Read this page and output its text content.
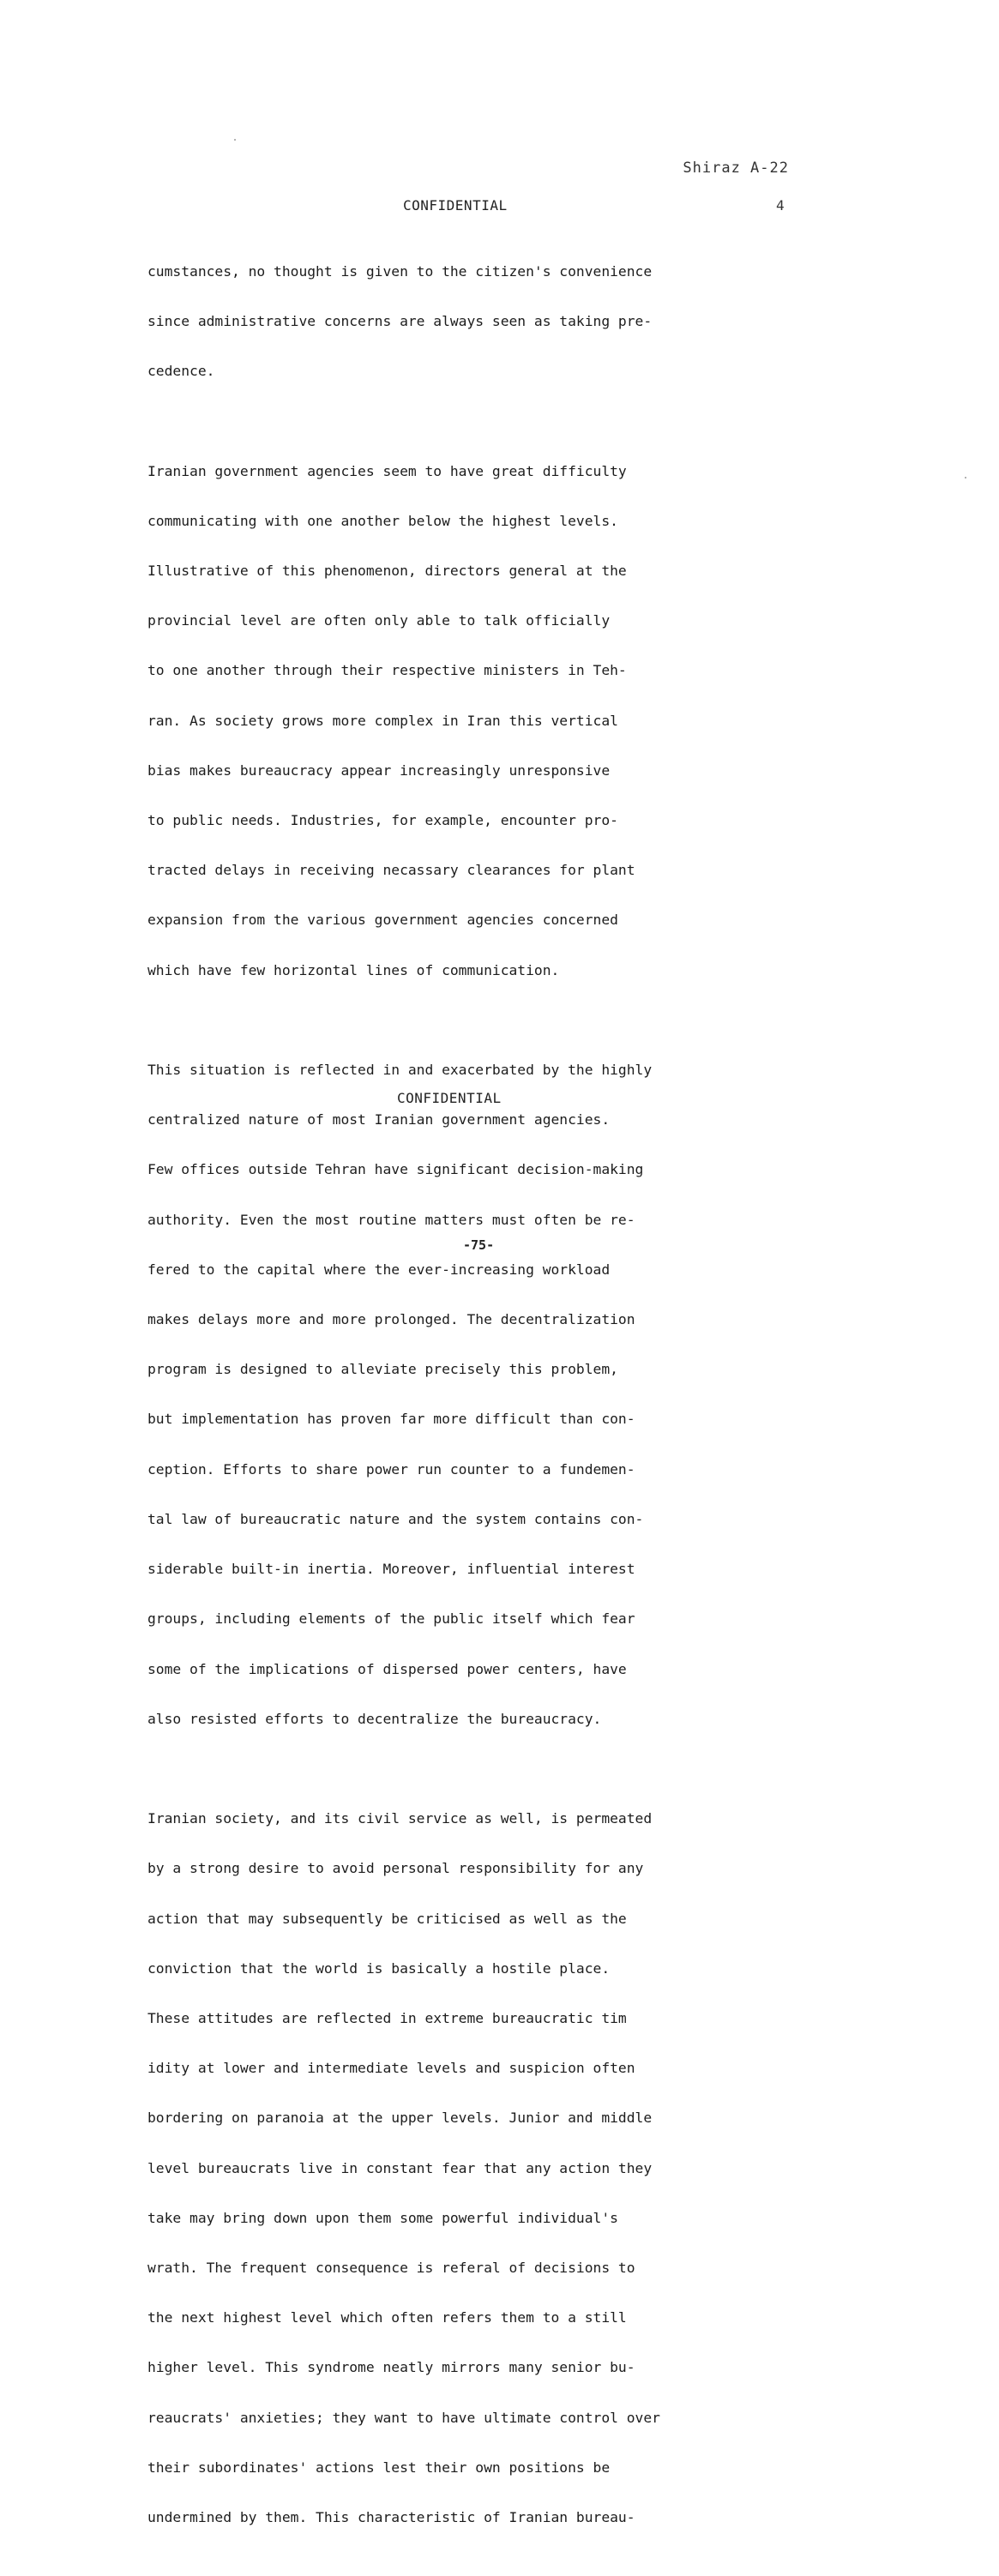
Shiraz A-22
CONFIDENTIAL	4

cumstances, no thought is given to the citizen's convenience

since administrative concerns are always seen as taking pre-

cedence.

Iranian government agencies seem to have great difficulty

communicating with one another below the highest levels.

Illustrative of this phenomenon, directors general at the

provincial level are often only able to talk officially

to one another through their respective ministers in Teh-

ran. As society grows more complex in Iran this vertical

bias makes bureaucracy appear increasingly unresponsive

to public needs. Industries, for example, encounter pro-

tracted delays in receiving necassary clearances for plant

expansion from the various government agencies concerned

which have few horizontal lines of communication.

This situation is reflected in and exacerbated by the highly

centralized nature of most Iranian government agencies.

Few offices outside Tehran have significant decision-making

authority. Even the most routine matters must often be re-

fered to the capital where the ever-increasing workload

makes delays more and more prolonged. The decentralization

program is designed to alleviate precisely this problem,

but implementation has proven far more difficult than con-

ception. Efforts to share power run counter to a fundemen-

tal law of bureaucratic nature and the system contains con-

siderable built-in inertia. Moreover, influential interest

groups, including elements of the public itself which fear

some of the implications of dispersed power centers, have

also resisted efforts to decentralize the bureaucracy.

Iranian society, and its civil service as well, is permeated

by a strong desire to avoid personal responsibility for any

action that may subsequently be criticised as well as the

conviction that the world is basically a hostile place.

These attitudes are reflected in extreme bureaucratic tim

idity at lower and intermediate levels and suspicion often

bordering on paranoia at the upper levels. Junior and middle

level bureaucrats live in constant fear that any action they

take may bring down upon them some powerful individual's

wrath. The frequent consequence is referal of decisions to

the next highest level which often refers them to a still

higher level. This syndrome neatly mirrors many senior bu-

reaucrats' anxieties; they want to have ultimate control over

their subordinates' actions lest their own positions be

undermined by them. This characteristic of Iranian bureau-

CONFIDENTIAL
-75-
